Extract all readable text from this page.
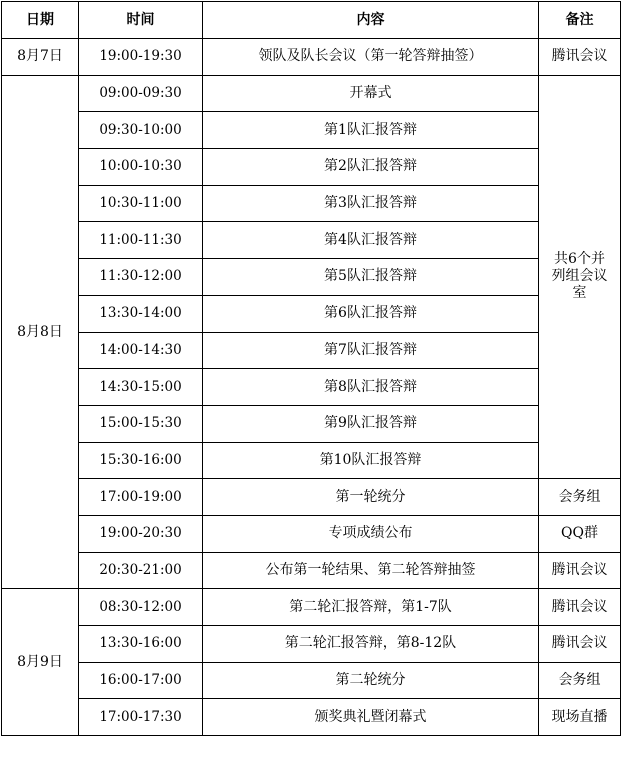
日期	时间	内容	备注
8月7日	19:00-19:30	领队及队长会议（第一轮答辩抽签）	腾讯会议
8月8日	09:00-09:30	开幕式	共6个并
列组会议
室
	09:30-10:00	第1队汇报答辩	
	10:00-10:30	第2队汇报答辩	
	10:30-11:00	第3队汇报答辩	
	11:00-11:30	第4队汇报答辩	
	11:30-12:00	第5队汇报答辩	
	13:30-14:00	第6队汇报答辩	
	14:00-14:30	第7队汇报答辩	
	14:30-15:00	第8队汇报答辩	
	15:00-15:30	第9队汇报答辩	
	15:30-16:00	第10队汇报答辩	
	17:00-19:00	第一轮统分	会务组
	19:00-20:30	专项成绩公布	QQ群
	20:30-21:00	公布第一轮结果、第二轮答辩抽签	腾讯会议
8月9日	08:30-12:00	第二轮汇报答辩，第1-7队	腾讯会议
	13:30-16:00	第二轮汇报答辩，第8-12队	腾讯会议
	16:00-17:00	第二轮统分	会务组
	17:00-17:30	颁奖典礼暨闭幕式	现场直播
